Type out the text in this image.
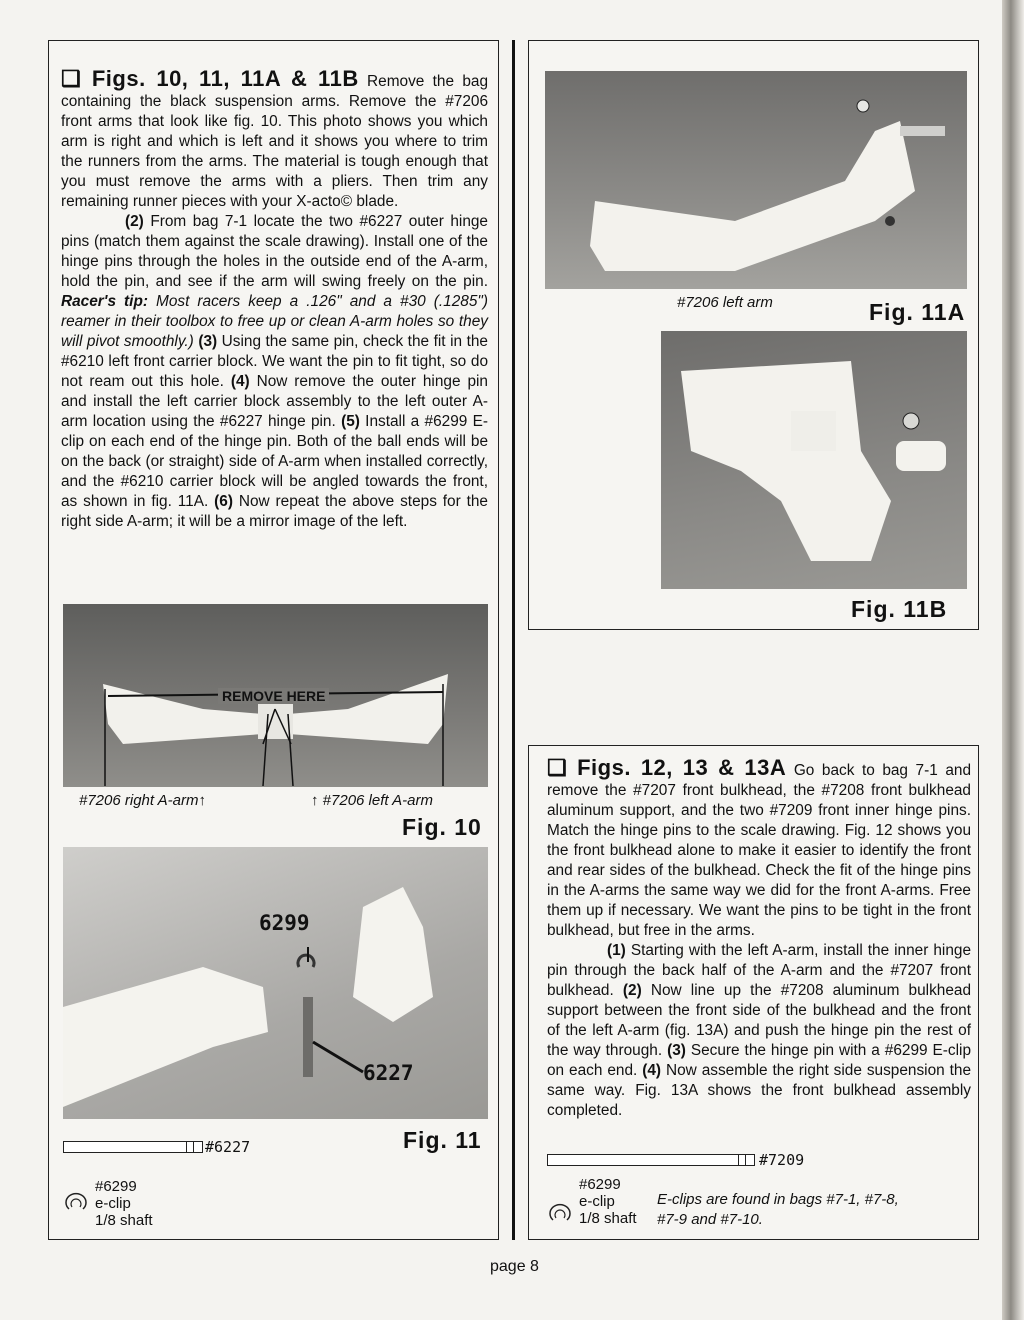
❑ Figs. 10, 11, 11A & 11B Remove the bag containing the black suspension arms. Remove the #7206 front arms that look like fig. 10. This photo shows you which arm is right and which is left and it shows you where to trim the runners from the arms. The material is tough enough that you must remove the arms with a pliers. Then trim any remaining runner pieces with your X-acto© blade.

(2) From bag 7-1 locate the two #6227 outer hinge pins (match them against the scale drawing). Install one of the hinge pins through the holes in the outside end of the A-arm, hold the pin, and see if the arm will swing freely on the pin. Racer's tip: Most racers keep a .126" and a #30 (.1285") reamer in their toolbox to free up or clean A-arm holes so they will pivot smoothly.) (3) Using the same pin, check the fit in the #6210 left front carrier block. We want the pin to fit tight, so do not ream out this hole. (4) Now remove the outer hinge pin and install the left carrier block assembly to the left outer A-arm location using the #6227 hinge pin. (5) Install a #6299 E-clip on each end of the hinge pin. Both of the ball ends will be on the back (or straight) side of A-arm when installed correctly, and the #6210 carrier block will be angled towards the front, as shown in fig. 11A. (6) Now repeat the above steps for the right side A-arm; it will be a mirror image of the left.

REMOVE HERE
#7206 right A-arm↑	↑ #7206 left A-arm
Fig. 10
6299
6227
Fig. 11
#6227
#6299
e-clip
1/8 shaft
#7206 left arm	Fig. 11A
Fig. 11B

❑ Figs. 12, 13 & 13A Go back to bag 7-1 and remove the #7207 front bulkhead, the #7208 front bulkhead aluminum support, and the two #7209 front inner hinge pins. Match the hinge pins to the scale drawing. Fig. 12 shows you the front bulkhead alone to make it easier to identify the front and rear sides of the bulkhead. Check the fit of the hinge pins in the A-arms the same way we did for the front A-arms. Free them up if necessary. We want the pins to be tight in the front bulkhead, but free in the arms.

(1) Starting with the left A-arm, install the inner hinge pin through the back half of the A-arm and the #7207 front bulkhead. (2) Now line up the #7208 aluminum bulkhead support between the front side of the bulkhead and the front of the left A-arm (fig. 13A) and push the hinge pin the rest of the way through. (3) Secure the hinge pin with a #6299 E-clip on each end. (4) Now assemble the right side suspension the same way. Fig. 13A shows the front bulkhead assembly completed.

#7209
#6299
e-clip
1/8 shaft
E-clips are found in bags #7-1, #7-8, #7-9 and #7-10.
page 8
